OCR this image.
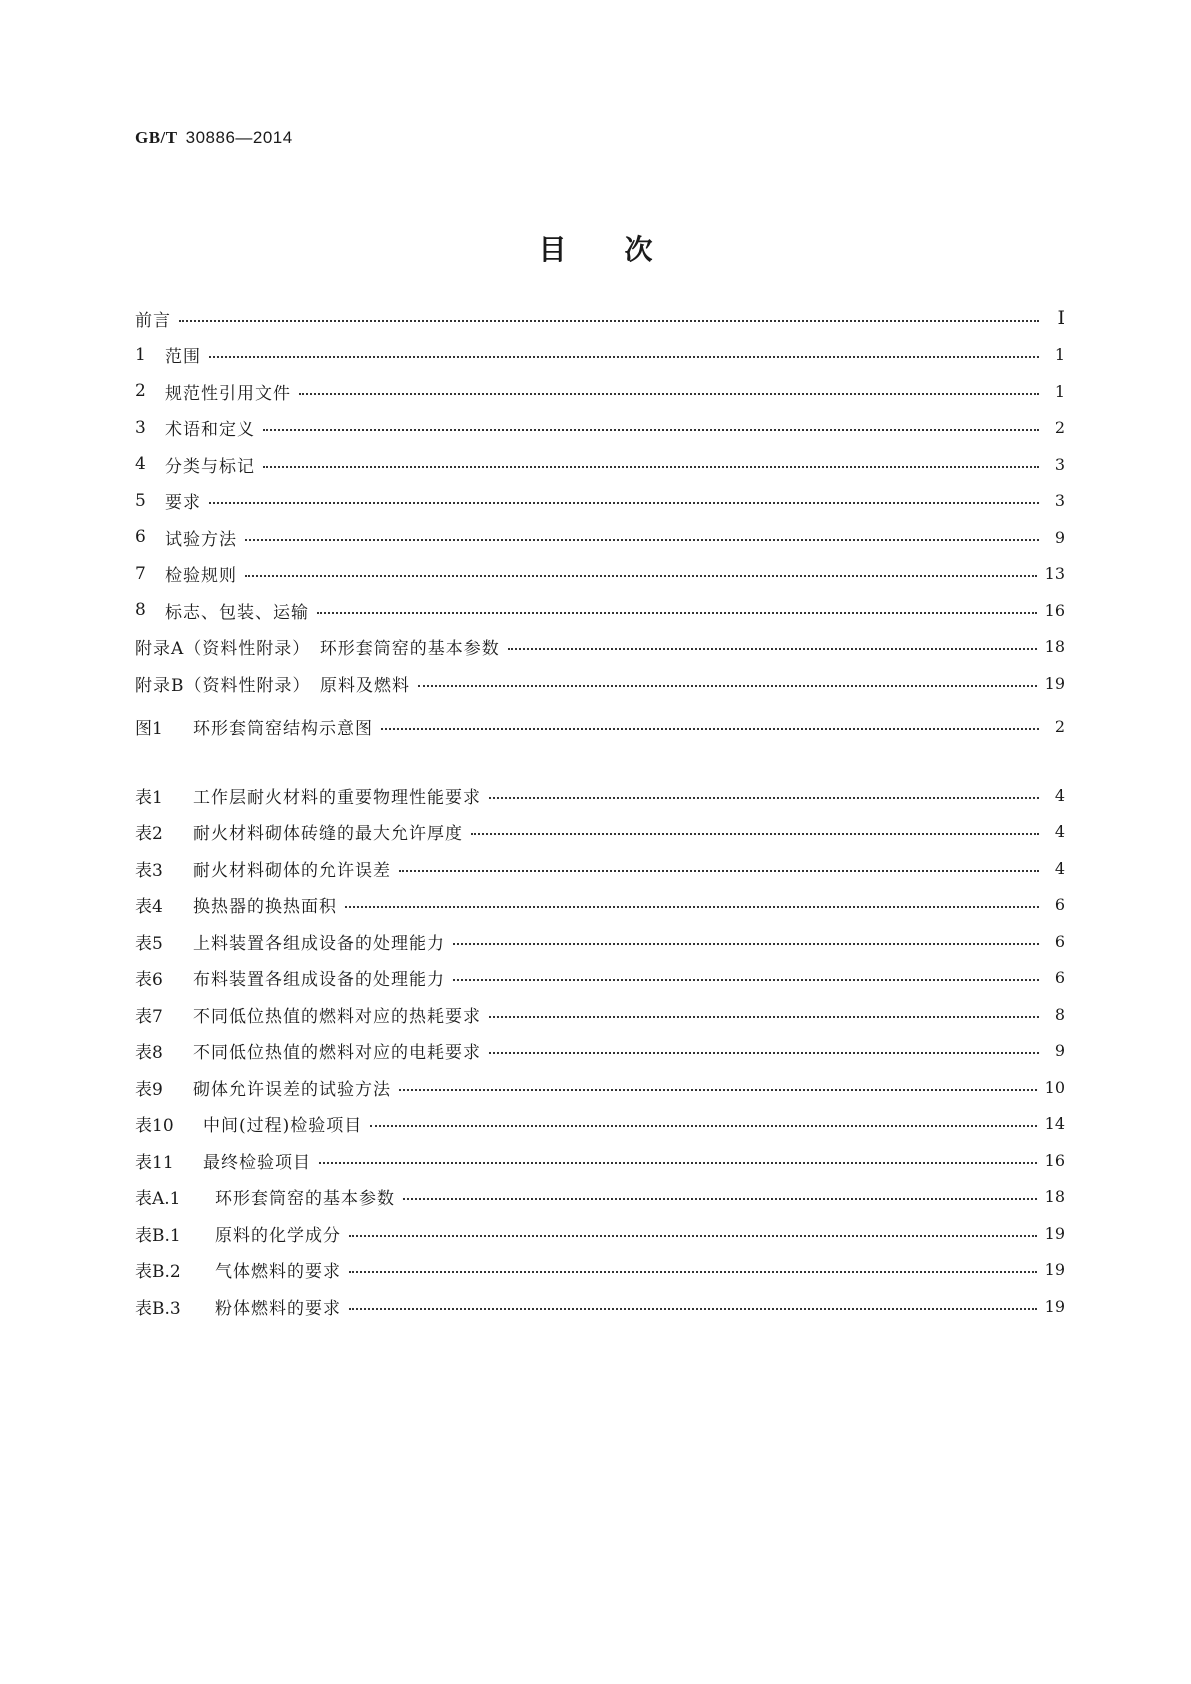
GB/T 30886—2014
目次
前言	Ⅰ
1	范围	1
2	规范性引用文件	1
3	术语和定义	2
4	分类与标记	3
5	要求	3
6	试验方法	9
7	检验规则	13
8	标志、包装、运输	16
附录A（资料性附录）　环形套筒窑的基本参数	18
附录B（资料性附录）　原料及燃料	19
图1	环形套筒窑结构示意图	2
表1	工作层耐火材料的重要物理性能要求	4
表2	耐火材料砌体砖缝的最大允许厚度	4
表3	耐火材料砌体的允许误差	4
表4	换热器的换热面积	6
表5	上料装置各组成设备的处理能力	6
表6	布料装置各组成设备的处理能力	6
表7	不同低位热值的燃料对应的热耗要求	8
表8	不同低位热值的燃料对应的电耗要求	9
表9	砌体允许误差的试验方法	10
表10	中间(过程)检验项目	14
表11	最终检验项目	16
表A.1	环形套筒窑的基本参数	18
表B.1	原料的化学成分	19
表B.2	气体燃料的要求	19
表B.3	粉体燃料的要求	19
